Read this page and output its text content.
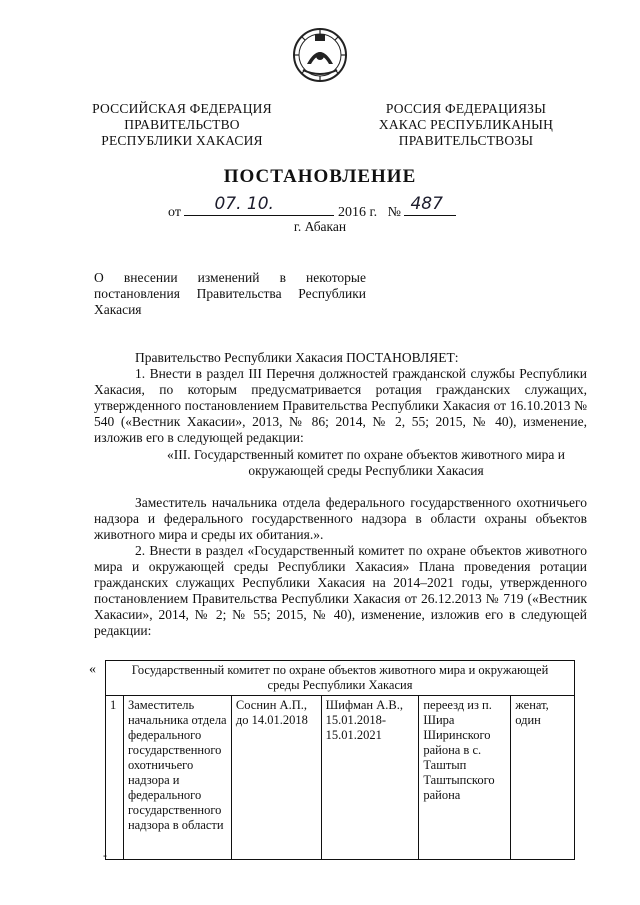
РОССИЙСКАЯ ФЕДЕРАЦИЯ
ПРАВИТЕЛЬСТВО
РЕСПУБЛИКИ ХАКАСИЯ
РОССИЯ ФЕДЕРАЦИЯЗЫ
ХАКАС РЕСПУБЛИКАНЫҢ
ПРАВИТЕЛЬСТВОЗЫ
ПОСТАНОВЛЕНИЕ
от 07. 10.	2016 г. № 487
г. Абакан
О внесении изменений в некоторые
постановления Правительства Республики
Хакасия
Правительство Республики Хакасия ПОСТАНОВЛЯЕТ:
1. Внести в раздел III Перечня должностей гражданской службы Республики Хакасия, по которым предусматривается ротация гражданских служащих, утвержденного постановлением Правительства Республики Хакасия от 16.10.2013 № 540 («Вестник Хакасии», 2013, № 86; 2014, № 2, 55; 2015, № 40), изменение, изложив его в следующей редакции:
«III. Государственный комитет по охране объектов животного мира и окружающей среды Республики Хакасия
Заместитель начальника отдела федерального государственного охотничьего надзора и федерального государственного надзора в области охраны объектов животного мира и среды их обитания.».
2. Внести в раздел «Государственный комитет по охране объектов животного мира и окружающей среды Республики Хакасия» Плана проведения ротации гражданских служащих Республики Хакасия на 2014–2021 годы, утвержденного постановлением Правительства Республики Хакасия от 26.12.2013 № 719 («Вестник Хакасии», 2014, № 2; № 55; 2015, № 40), изменение, изложив его в следующей редакции:
«	Государственный комитет по охране объектов животного мира и окружающей среды Республики Хакасия
1	Заместитель начальника отдела федерального государственного охотничьего надзора и федерального государственного надзора в области	Соснин А.П., до 14.01.2018	Шифман А.В., 15.01.2018-15.01.2021	переезд из п. Шира Ширинского района в с. Таштып Таштыпского района	женат, один
-
